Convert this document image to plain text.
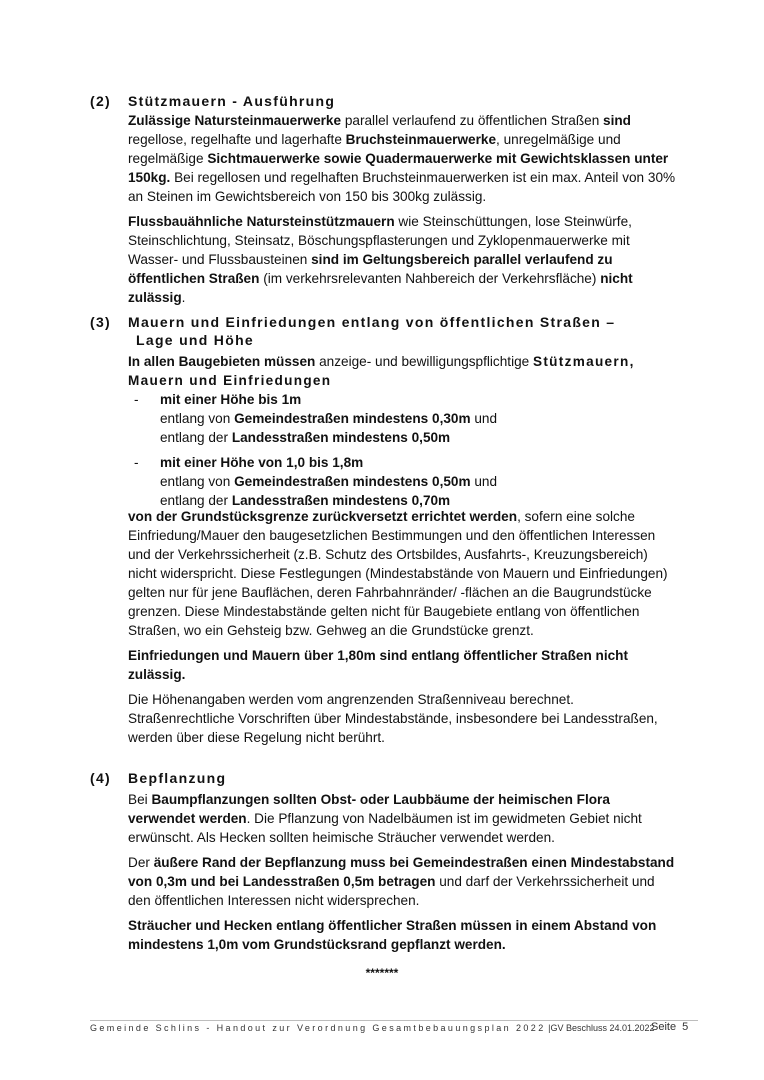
(2) Stützmauern - Ausführung

Zulässige Natursteinmauerwerke parallel verlaufend zu öffentlichen Straßen sind regellose, regelhafte und lagerhafte Bruchsteinmauerwerke, unregelmäßige und regelmäßige Sichtmauerwerke sowie Quadermauerwerke mit Gewichtsklassen unter 150kg. Bei regellosen und regelhaften Bruchsteinmauerwerken ist ein max. Anteil von 30% an Steinen im Gewichtsbereich von 150 bis 300kg zulässig.

Flussbauähnliche Natursteinstützmauern wie Steinschüttungen, lose Steinwürfe, Steinschlichtung, Steinsatz, Böschungspflasterungen und Zyklopenmauerwerke mit Wasser- und Flussbausteinen sind im Geltungsbereich parallel verlaufend zu öffentlichen Straßen (im verkehrsrelevanten Nahbereich der Verkehrsfläche) nicht zulässig.

(3) Mauern und Einfriedungen entlang von öffentlichen Straßen –
Lage und Höhe

In allen Baugebieten müssen anzeige- und bewilligungspflichtige Stützmauern, Mauern und Einfriedungen

- mit einer Höhe bis 1m
entlang von Gemeindestraßen mindestens 0,30m und
entlang der Landesstraßen mindestens 0,50m
- mit einer Höhe von 1,0 bis 1,8m
entlang von Gemeindestraßen mindestens 0,50m und
entlang der Landesstraßen mindestens 0,70m

von der Grundstücksgrenze zurückversetzt errichtet werden, sofern eine solche Einfriedung/Mauer den baugesetzlichen Bestimmungen und den öffentlichen Interessen und der Verkehrssicherheit (z.B. Schutz des Ortsbildes, Ausfahrts-, Kreuzungsbereich) nicht widerspricht. Diese Festlegungen (Mindestabstände von Mauern und Einfriedungen) gelten nur für jene Bauflächen, deren Fahrbahnränder/ -flächen an die Baugrundstücke grenzen. Diese Mindestabstände gelten nicht für Baugebiete entlang von öffentlichen Straßen, wo ein Gehsteig bzw. Gehweg an die Grundstücke grenzt.

Einfriedungen und Mauern über 1,80m sind entlang öffentlicher Straßen nicht zulässig.

Die Höhenangaben werden vom angrenzenden Straßenniveau berechnet. Straßenrechtliche Vorschriften über Mindestabstände, insbesondere bei Landesstraßen, werden über diese Regelung nicht berührt.

(4) Bepflanzung

Bei Baumpflanzungen sollten Obst- oder Laubbäume der heimischen Flora verwendet werden. Die Pflanzung von Nadelbäumen ist im gewidmeten Gebiet nicht erwünscht. Als Hecken sollten heimische Sträucher verwendet werden.

Der äußere Rand der Bepflanzung muss bei Gemeindestraßen einen Mindestabstand von 0,3m und bei Landesstraßen 0,5m betragen und darf der Verkehrssicherheit und den öffentlichen Interessen nicht widersprechen.

Sträucher und Hecken entlang öffentlicher Straßen müssen in einem Abstand von mindestens 1,0m vom Grundstücksrand gepflanzt werden.

*******
Gemeinde Schlins - Handout zur Verordnung Gesamtbebauungsplan 2022 |GV Beschluss 24.01.2022
Seite 5
